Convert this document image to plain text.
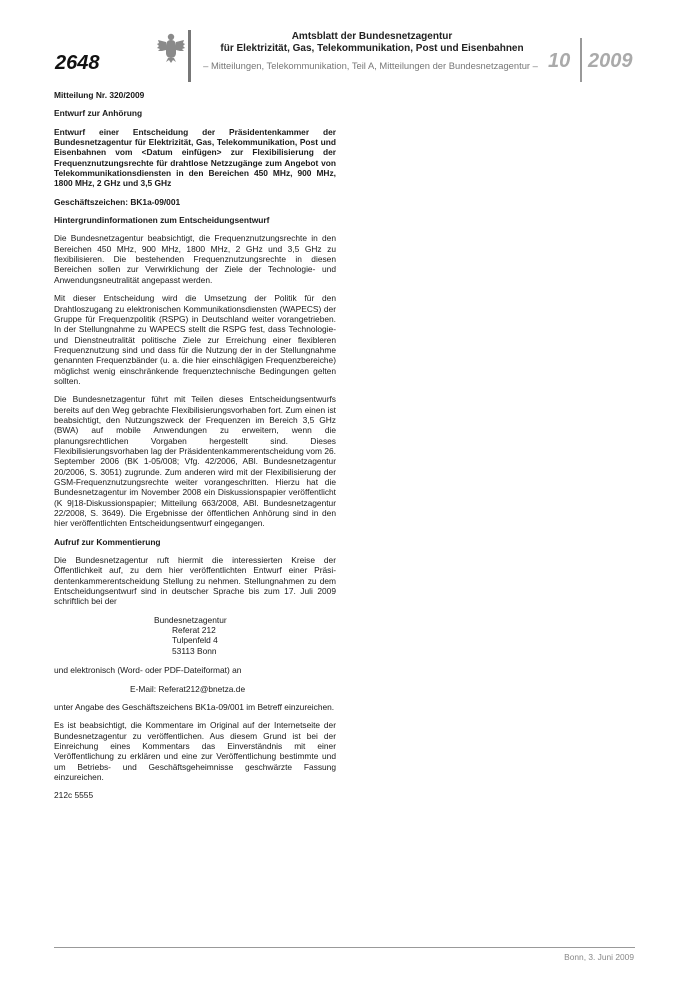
2648
Amtsblatt der Bundesnetzagentur
für Elektrizität, Gas, Telekommunikation, Post und Eisenbahnen
– Mitteilungen, Telekommunikation, Teil A, Mitteilungen der Bundesnetzagentur – 10 2009

Mitteilung Nr. 320/2009

Entwurf zur Anhörung

Entwurf einer Entscheidung der Präsidentenkammer der Bundesnetzagentur für Elektrizität, Gas, Telekommunikation, Post und Eisenbahnen vom <Datum einfügen> zur Flexibilisierung der Frequenznutzungsrechte für drahtlose Netzzugänge zum Angebot von Telekommunikationsdiensten in den Bereichen 450 MHz, 900 MHz, 1800 MHz, 2 GHz und 3,5 GHz

Geschäftszeichen: BK1a-09/001

Hintergrundinformationen zum Entscheidungsentwurf

Die Bundesnetzagentur beabsichtigt, die Frequenznutzungsrechte in den Bereichen 450 MHz, 900 MHz, 1800 MHz, 2 GHz und 3,5 GHz zu flexibilisieren. Die bestehenden Frequenznutzungsrechte in diesen Bereichen sollen zur Verwirklichung der Ziele der Technologie- und Anwendungsneutralität angepasst werden.

Mit dieser Entscheidung wird die Umsetzung der Politik für den Drahtloszugang zu elektronischen Kommunikationsdiensten (WAPECS) der Gruppe für Frequenzpolitik (RSPG) in Deutschland weiter vorangetrieben. In der Stellungnahme zu WAPECS stellt die RSPG fest, dass Technologie- und Dienstneutralität politische Ziele zur Erreichung einer flexibleren Frequenznutzung sind und dass für die Nutzung der in der Stellungnahme genannten Frequenzbänder (u. a. die hier einschlägigen Frequenzbereiche) möglichst wenig einschränkende frequenztechnische Bedingungen gelten sollten.

Die Bundesnetzagentur führt mit Teilen dieses Entscheidungsentwurfs bereits auf den Weg gebrachte Flexibilisierungsvorhaben fort. Zum einen ist beabsichtigt, den Nutzungszweck der Frequenzen im Bereich 3,5 GHz (BWA) auf mobile Anwendungen zu erweitern, wenn die planungsrechtlichen Vorgaben hergestellt sind. Dieses Flexibilisierungsvorhaben lag der Präsidentenkammerentscheidung vom 26. September 2006 (BK 1-05/008; Vfg. 42/2006, ABl. Bundesnetzagentur 20/2006, S. 3051) zugrunde. Zum anderen wird mit der Flexibilisierung der GSM-Frequenznutzungsrechte weiter vorangeschritten. Hierzu hat die Bundesnetzagentur im November 2008 ein Diskussionspapier veröffentlicht (K 9|18-Diskussionspapier; Mitteilung 663/2008, ABl. Bundesnetzagentur 22/2008, S. 3649). Die Ergebnisse der öffentlichen Anhörung sind in den hier veröffentlichten Entscheidungsentwurf eingegangen.

Aufruf zur Kommentierung

Die Bundesnetzagentur ruft hiermit die interessierten Kreise der Öffentlichkeit auf, zu dem hier veröffentlichten Entwurf einer Präsidentenkammerentscheidung Stellung zu nehmen. Stellungnahmen zu dem Entscheidungsentwurf sind in deutscher Sprache bis zum 17. Juli 2009 schriftlich bei der

Bundesnetzagentur
Referat 212
Tulpenfeld 4
53113 Bonn

und elektronisch (Word- oder PDF-Dateiformat) an

E-Mail: Referat212@bnetza.de

unter Angabe des Geschäftszeichens BK1a-09/001 im Betreff einzureichen.

Es ist beabsichtigt, die Kommentare im Original auf der Internetseite der Bundesnetzagentur zu veröffentlichen. Aus diesem Grund ist bei der Einreichung eines Kommentars das Einverständnis mit einer Veröffentlichung zu erklären und eine zur Veröffentlichung bestimmte und um Betriebs- und Geschäftsgeheimnisse geschwärzte Fassung einzureichen.

212c 5555

Bonn, 3. Juni 2009
